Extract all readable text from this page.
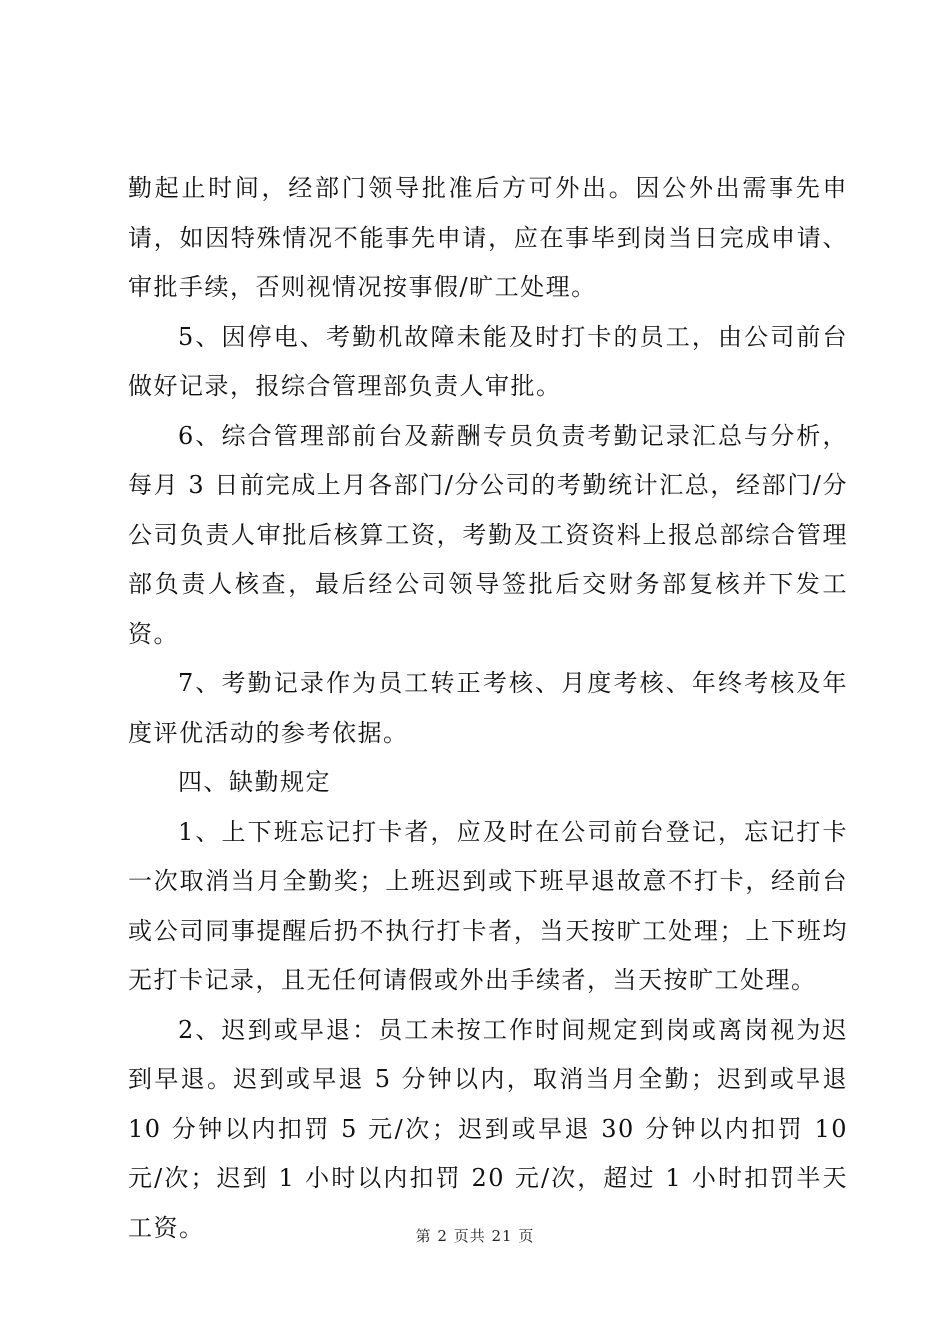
勤起止时间，经部门领导批准后方可外出。因公外出需事先申请，如因特殊情况不能事先申请，应在事毕到岗当日完成申请、审批手续，否则视情况按事假/旷工处理。

5、因停电、考勤机故障未能及时打卡的员工，由公司前台做好记录，报综合管理部负责人审批。

6、综合管理部前台及薪酬专员负责考勤记录汇总与分析，每月 3 日前完成上月各部门/分公司的考勤统计汇总，经部门/分公司负责人审批后核算工资，考勤及工资资料上报总部综合管理部负责人核查，最后经公司领导签批后交财务部复核并下发工资。

7、考勤记录作为员工转正考核、月度考核、年终考核及年度评优活动的参考依据。

四、缺勤规定

1、上下班忘记打卡者，应及时在公司前台登记，忘记打卡一次取消当月全勤奖；上班迟到或下班早退故意不打卡，经前台或公司同事提醒后扔不执行打卡者，当天按旷工处理；上下班均无打卡记录，且无任何请假或外出手续者，当天按旷工处理。

2、迟到或早退：员工未按工作时间规定到岗或离岗视为迟到早退。迟到或早退 5 分钟以内，取消当月全勤；迟到或早退 10 分钟以内扣罚 5 元/次；迟到或早退 30 分钟以内扣罚 10 元/次；迟到 1 小时以内扣罚 20 元/次，超过 1 小时扣罚半天工资。	第 2 页共 21 页
